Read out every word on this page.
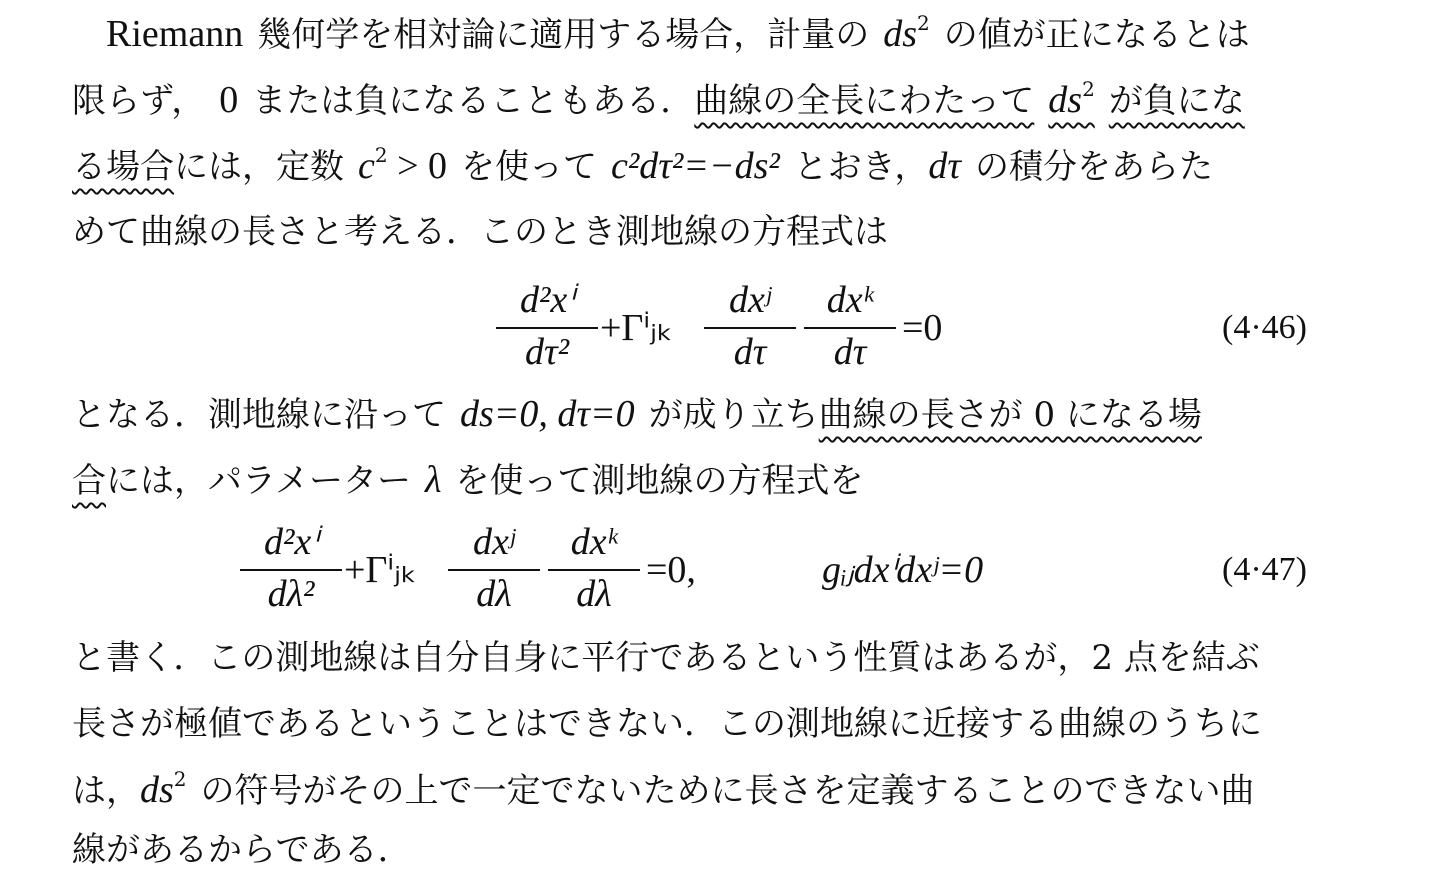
Riemann 幾何学を相対論に適用する場合，計量の $ds^2$ の値が正になるとは
限らず， 0 または負になることもある．曲線の全長にわたって $ds^2$ が負にな
る場合には，定数 $c^2 > 0$ を使って c²dτ²=−ds² とおき，dτ の積分をあらた
めて曲線の長さと考える．このとき測地線の方程式は
d²xⁱ
dτ²
+Γⁱⱼₖ
dxʲ
dτ
dxᵏ
dτ
=0	(4·46)
となる．測地線に沿って ds=0, dτ=0 が成り立ち曲線の長さが 0 になる場
合には，パラメーター λ を使って測地線の方程式を
d²xⁱ
dλ²
+Γⁱⱼₖ
dxʲ
dλ
dxᵏ
dλ
=0,	gᵢⱼdxⁱdxʲ=0	(4·47)
と書く．この測地線は自分自身に平行であるという性質はあるが，2 点を結ぶ
長さが極値であるということはできない．この測地線に近接する曲線のうちに
は，$ds^2$ の符号がその上で一定でないために長さを定義することのできない曲
線があるからである．
